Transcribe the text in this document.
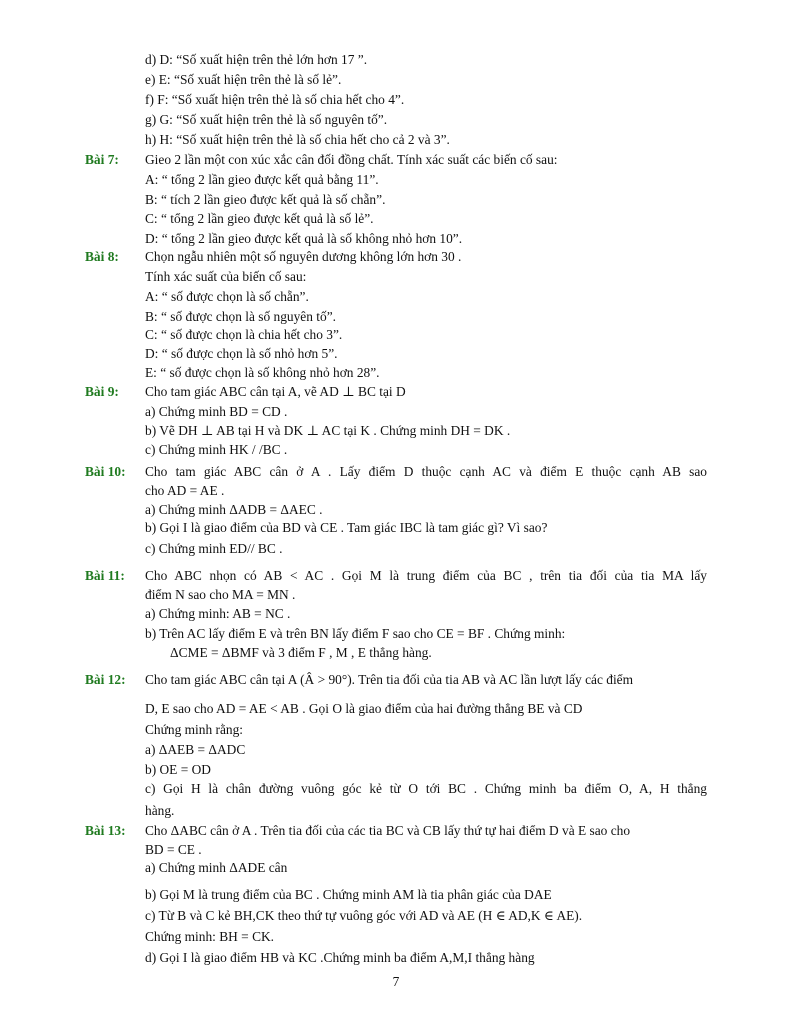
d) D: “Số xuất hiện trên thẻ lớn hơn 17 ”.
e) E: “Số xuất hiện trên thẻ là số lẻ”.
f) F: “Số xuất hiện trên thẻ là số chia hết cho 4”.
g) G: “Số xuất hiện trên thẻ là số nguyên tố”.
h) H: “Số xuất hiện trên thẻ là số chia hết cho cả 2 và 3”.
Bài 7: Gieo 2 lần một con xúc xắc cân đối đồng chất. Tính xác suất các biến cố sau:
A: “ tổng 2 lần gieo được kết quả bằng 11”.
B: “ tích 2 lần gieo được kết quả là số chẵn”.
C: “ tổng 2 lần gieo được kết quả là số lẻ”.
D: “ tổng 2 lần gieo được kết quả là số không nhỏ hơn 10”.
Bài 8: Chọn ngẫu nhiên một số nguyên dương không lớn hơn 30 .
Tính xác suất của biến cố sau:
A: “ số được chọn là số chẵn”.
B: “ số được chọn là số nguyên tố”.
C: “ số được chọn là chia hết cho 3”.
D: “ số được chọn là số nhỏ hơn 5”.
E: “ số được chọn là số không nhỏ hơn 28”.
Bài 9: Cho tam giác ABC cân tại A, vẽ AD ⊥ BC tại D
a) Chứng minh BD = CD .
b) Vẽ DH ⊥ AB tại H và DK ⊥ AC tại K . Chứng minh DH = DK .
c) Chứng minh HK / /BC .
Bài 10: Cho tam giác ABC cân ở A . Lấy điểm D thuộc cạnh AC và điểm E thuộc cạnh AB sao
cho AD = AE .
a) Chứng minh ΔADB = ΔAEC .
b) Gọi I là giao điểm của BD và CE . Tam giác IBC là tam giác gì? Vì sao?
c) Chứng minh ED// BC .
Bài 11: Cho ABC nhọn có AB < AC . Gọi M là trung điểm của BC , trên tia đối của tia MA lấy
điểm N sao cho MA = MN .
a) Chứng minh: AB = NC .
b) Trên AC lấy điểm E và trên BN lấy điểm F sao cho CE = BF . Chứng minh:
ΔCME = ΔBMF và 3 điểm F , M , E thẳng hàng.
Bài 12: Cho tam giác ABC cân tại A (Â > 90°). Trên tia đối của tia AB và AC lần lượt lấy các điểm
D, E sao cho AD = AE < AB . Gọi O là giao điểm của hai đường thẳng BE và CD
Chứng minh rằng:
a) ΔAEB = ΔADC
b) OE = OD
c) Gọi H là chân đường vuông góc kẻ từ O tới BC . Chứng minh ba điểm O, A, H thẳng
hàng.
Bài 13: Cho ΔABC cân ở A . Trên tia đối của các tia BC và CB lấy thứ tự hai điểm D và E sao cho
BD = CE .
a) Chứng minh ΔADE cân
b) Gọi M là trung điểm của BC . Chứng minh AM là tia phân giác của DAE
c) Từ B và C kẻ BH,CK theo thứ tự vuông góc với AD và AE (H ∈ AD,K ∈ AE).
Chứng minh: BH = CK.
d) Gọi I là giao điểm HB và KC .Chứng minh ba điểm A,M,I thẳng hàng
7
